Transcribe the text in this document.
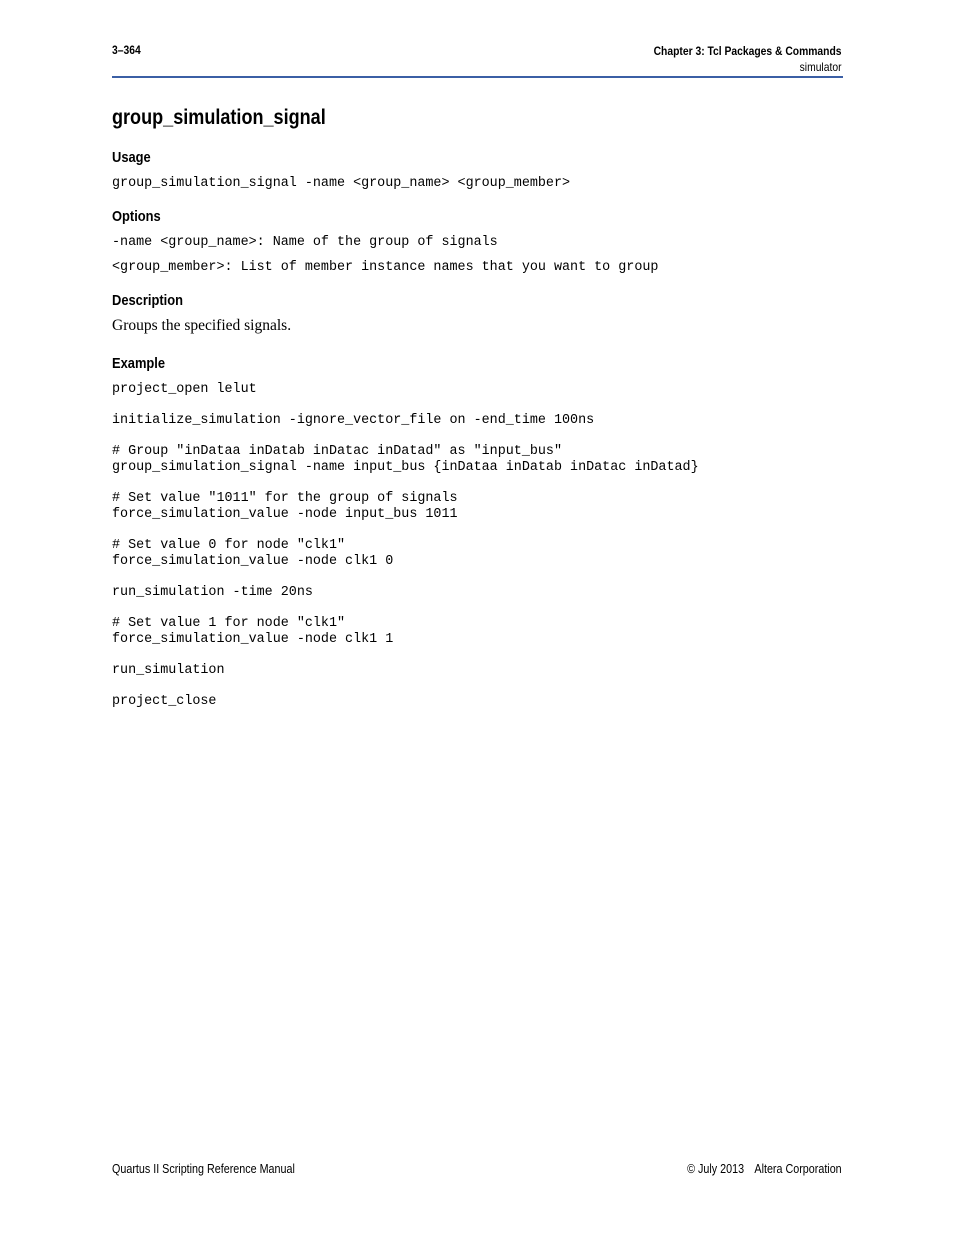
3–364	Chapter 3: Tcl Packages & Commands
simulator
group_simulation_signal
Usage
group_simulation_signal -name <group_name> <group_member>
Options
-name <group_name>: Name of the group of signals
<group_member>: List of member instance names that you want to group
Description

Groups the specified signals.

Example
project_open lelut
initialize_simulation -ignore_vector_file on -end_time 100ns
# Group "inDataa inDatab inDatac inDatad" as "input_bus"
group_simulation_signal -name input_bus {inDataa inDatab inDatac inDatad}
# Set value "1011" for the group of signals
force_simulation_value -node input_bus 1011
# Set value 0 for node "clk1"
force_simulation_value -node clk1 0
run_simulation -time 20ns
# Set value 1 for node "clk1"
force_simulation_value -node clk1 1
run_simulation
project_close
Quartus II Scripting Reference Manual	© July 2013 Altera Corporation
